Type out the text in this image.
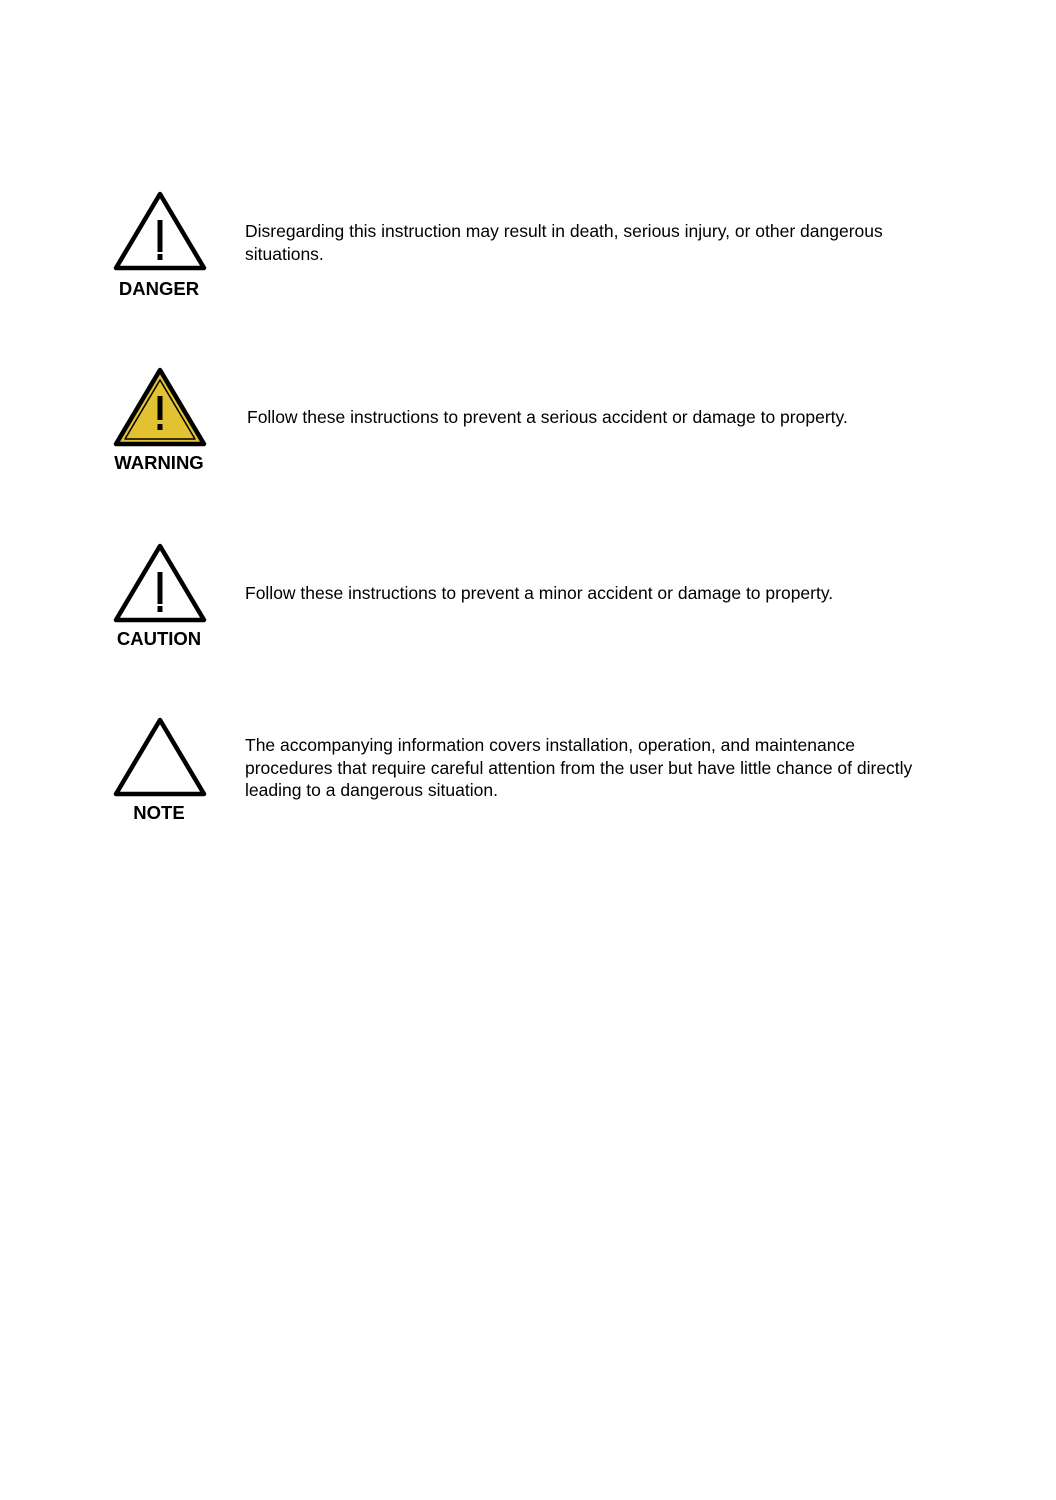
DANGER
Disregarding this instruction may result in death, serious injury, or other dangerous situations.
WARNING
Follow these instructions to prevent a serious accident or damage to property.
CAUTION
Follow these instructions to prevent a minor accident or damage to property.
NOTE
The accompanying information covers installation, operation, and maintenance procedures that require careful attention from the user but have little chance of directly leading to a dangerous situation.
